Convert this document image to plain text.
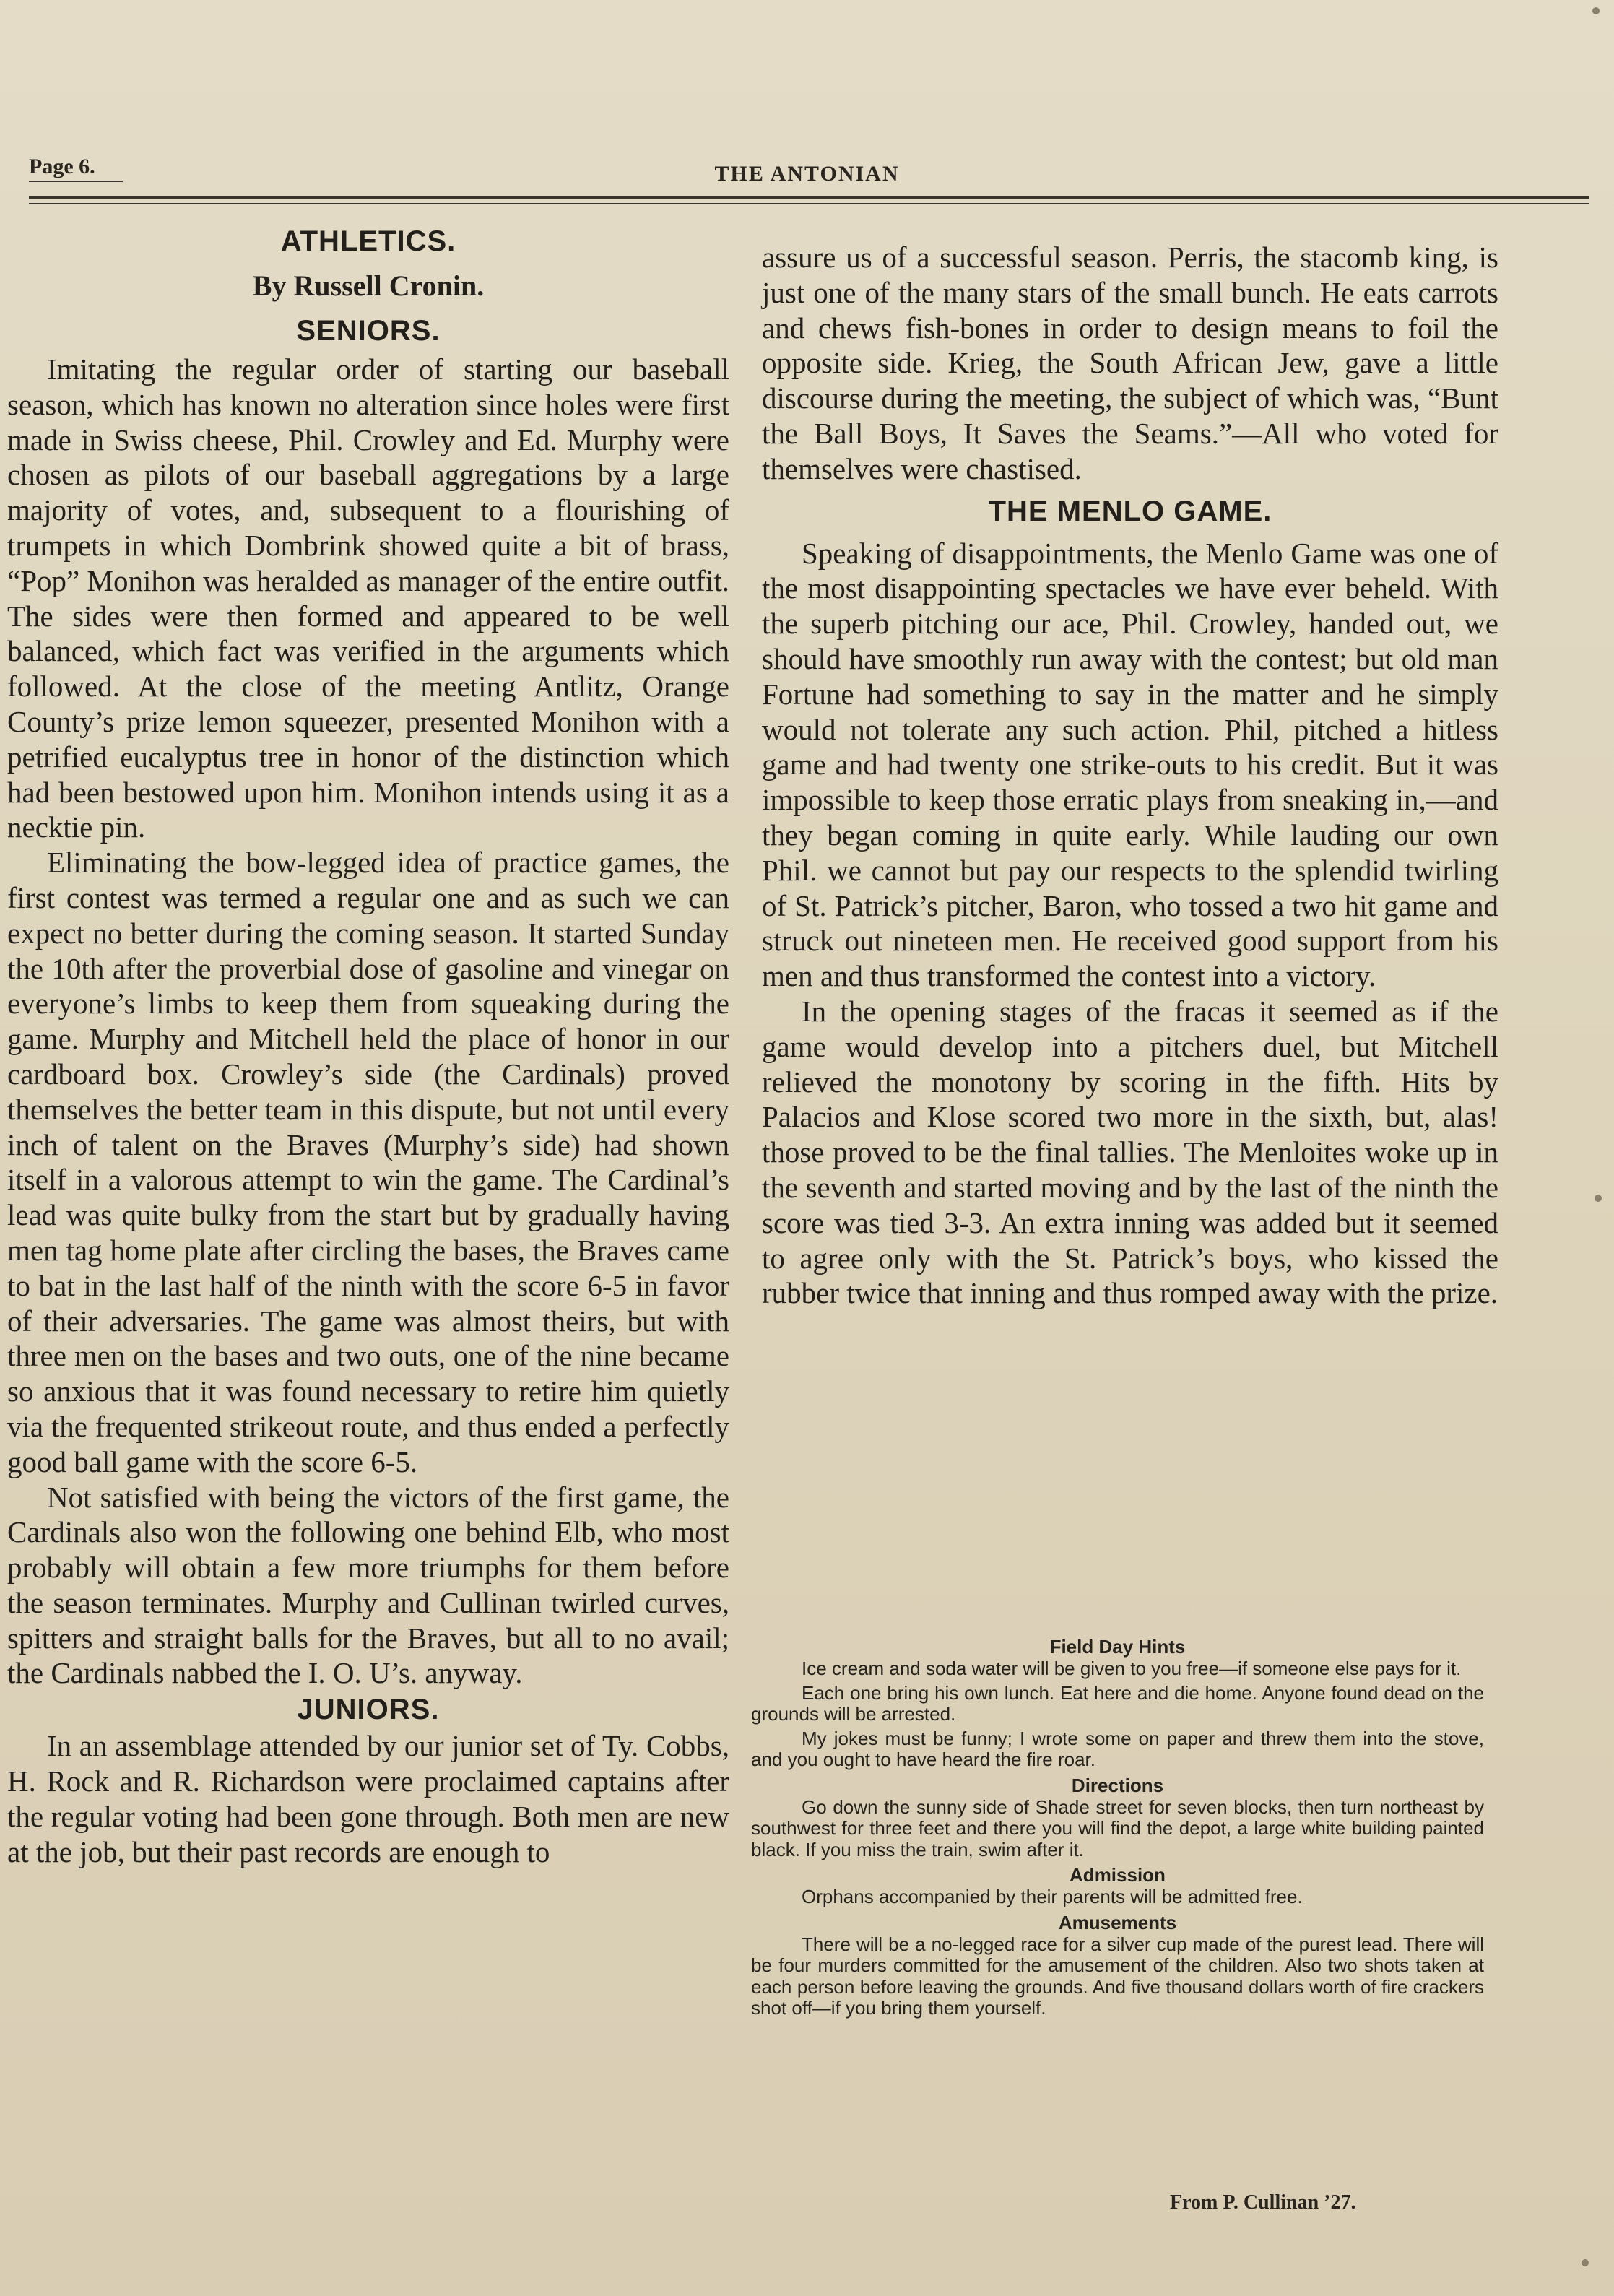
Page 6.	THE ANTONIAN
ATHLETICS.
By Russell Cronin.
SENIORS.

Imitating the regular order of starting our baseball season, which has known no alteration since holes were first made in Swiss cheese, Phil. Crowley and Ed. Murphy were chosen as pilots of our baseball aggregations by a large majority of votes, and, subsequent to a flourishing of trumpets in which Dombrink showed quite a bit of brass, “Pop” Monihon was heralded as manager of the entire outfit. The sides were then formed and appeared to be well balanced, which fact was verified in the arguments which followed. At the close of the meeting Antlitz, Orange County’s prize lemon squeezer, presented Monihon with a petrified eucalyptus tree in honor of the distinction which had been bestowed upon him. Monihon intends using it as a necktie pin.

Eliminating the bow-legged idea of practice games, the first contest was termed a regular one and as such we can expect no better during the coming season. It started Sunday the 10th after the proverbial dose of gasoline and vinegar on everyone’s limbs to keep them from squeaking during the game. Murphy and Mitchell held the place of honor in our cardboard box. Crowley’s side (the Cardinals) proved themselves the better team in this dispute, but not until every inch of talent on the Braves (Murphy’s side) had shown itself in a valorous attempt to win the game. The Cardinal’s lead was quite bulky from the start but by gradually having men tag home plate after circling the bases, the Braves came to bat in the last half of the ninth with the score 6-5 in favor of their adversaries. The game was almost theirs, but with three men on the bases and two outs, one of the nine became so anxious that it was found necessary to retire him quietly via the frequented strikeout route, and thus ended a perfectly good ball game with the score 6-5.

Not satisfied with being the victors of the first game, the Cardinals also won the following one behind Elb, who most probably will obtain a few more triumphs for them before the season terminates. Murphy and Cullinan twirled curves, spitters and straight balls for the Braves, but all to no avail; the Cardinals nabbed the I. O. U’s. anyway.

JUNIORS.

In an assemblage attended by our junior set of Ty. Cobbs, H. Rock and R. Richardson were proclaimed captains after the regular voting had been gone through. Both men are new at the job, but their past records are enough to

assure us of a successful season. Perris, the stacomb king, is just one of the many stars of the small bunch. He eats carrots and chews fish-bones in order to design means to foil the opposite side. Krieg, the South African Jew, gave a little discourse during the meeting, the subject of which was, “Bunt the Ball Boys, It Saves the Seams.”—All who voted for themselves were chastised.

THE MENLO GAME.

Speaking of disappointments, the Menlo Game was one of the most disappointing spectacles we have ever beheld. With the superb pitching our ace, Phil. Crowley, handed out, we should have smoothly run away with the contest; but old man Fortune had something to say in the matter and he simply would not tolerate any such action. Phil, pitched a hitless game and had twenty one strike-outs to his credit. But it was impossible to keep those erratic plays from sneaking in,—and they began coming in quite early. While lauding our own Phil. we cannot but pay our respects to the splendid twirling of St. Patrick’s pitcher, Baron, who tossed a two hit game and struck out nineteen men. He received good support from his men and thus transformed the contest into a victory.

In the opening stages of the fracas it seemed as if the game would develop into a pitchers duel, but Mitchell relieved the monotony by scoring in the fifth. Hits by Palacios and Klose scored two more in the sixth, but, alas! those proved to be the final tallies. The Menloites woke up in the seventh and started moving and by the last of the ninth the score was tied 3-3. An extra inning was added but it seemed to agree only with the St. Patrick’s boys, who kissed the rubber twice that inning and thus romped away with the prize.

Field Day Hints

Ice cream and soda water will be given to you free—if someone else pays for it.

Each one bring his own lunch. Eat here and die home. Anyone found dead on the grounds will be arrested.

My jokes must be funny; I wrote some on paper and threw them into the stove, and you ought to have heard the fire roar.

Directions

Go down the sunny side of Shade street for seven blocks, then turn northeast by southwest for three feet and there you will find the depot, a large white building painted black. If you miss the train, swim after it.

Admission

Orphans accompanied by their parents will be admitted free.

Amusements

There will be a no-legged race for a silver cup made of the purest lead. There will be four murders committed for the amusement of the children. Also two shots taken at each person before leaving the grounds. And five thousand dollars worth of fire crackers shot off—if you bring them yourself.

From P. Cullinan ’27.
